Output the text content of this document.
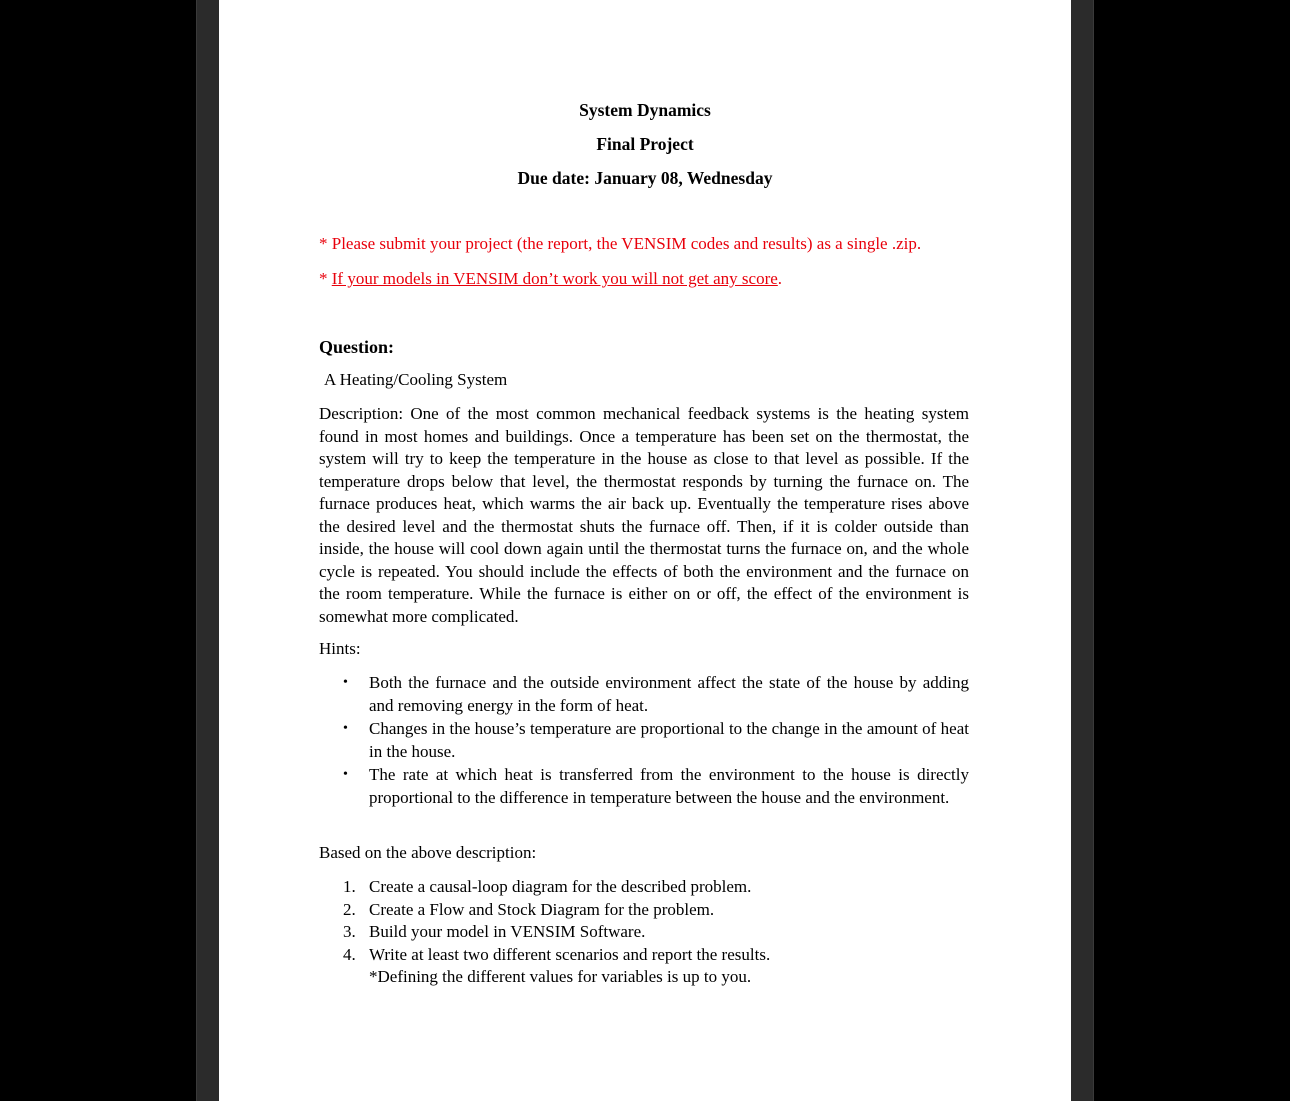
System Dynamics
Final Project
Due date: January 08, Wednesday
* Please submit your project (the report, the VENSIM codes and results) as a single .zip.
* If your models in VENSIM don’t work you will not get any score.
Question:
A Heating/Cooling System
Description: One of the most common mechanical feedback systems is the heating system found in most homes and buildings. Once a temperature has been set on the thermostat, the system will try to keep the temperature in the house as close to that level as possible. If the temperature drops below that level, the thermostat responds by turning the furnace on. The furnace produces heat, which warms the air back up. Eventually the temperature rises above the desired level and the thermostat shuts the furnace off. Then, if it is colder outside than inside, the house will cool down again until the thermostat turns the furnace on, and the whole cycle is repeated. You should include the effects of both the environment and the furnace on the room temperature. While the furnace is either on or off, the effect of the environment is somewhat more complicated.
Hints:
• Both the furnace and the outside environment affect the state of the house by adding and removing energy in the form of heat.
• Changes in the house’s temperature are proportional to the change in the amount of heat in the house.
• The rate at which heat is transferred from the environment to the house is directly proportional to the difference in temperature between the house and the environment.
Based on the above description:
1. Create a causal-loop diagram for the described problem.
2. Create a Flow and Stock Diagram for the problem.
3. Build your model in VENSIM Software.
4. Write at least two different scenarios and report the results.
*Defining the different values for variables is up to you.
